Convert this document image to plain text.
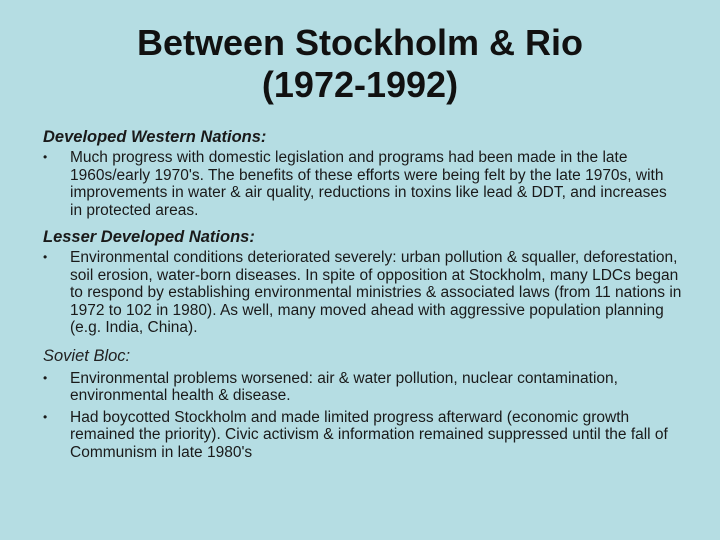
Between Stockholm & Rio
(1972-1992)

Developed Western Nations:

• Much progress with domestic legislation and programs had been made in the late 1960s/early 1970's. The benefits of these efforts were being felt by the late 1970s, with improvements in water & air quality, reductions in toxins like lead & DDT, and increases in protected areas.

Lesser Developed Nations:

• Environmental conditions deteriorated severely: urban pollution & squaller, deforestation, soil erosion, water-born diseases. In spite of opposition at Stockholm, many LDCs began to respond by establishing environmental ministries & associated laws (from 11 nations in 1972 to 102 in 1980). As well, many moved ahead with aggressive population planning (e.g. India, China).

Soviet Bloc:

• Environmental problems worsened: air & water pollution, nuclear contamination, environmental health & disease.
• Had boycotted Stockholm and made limited progress afterward (economic growth remained the priority). Civic activism & information remained suppressed until the fall of Communism in late 1980's
